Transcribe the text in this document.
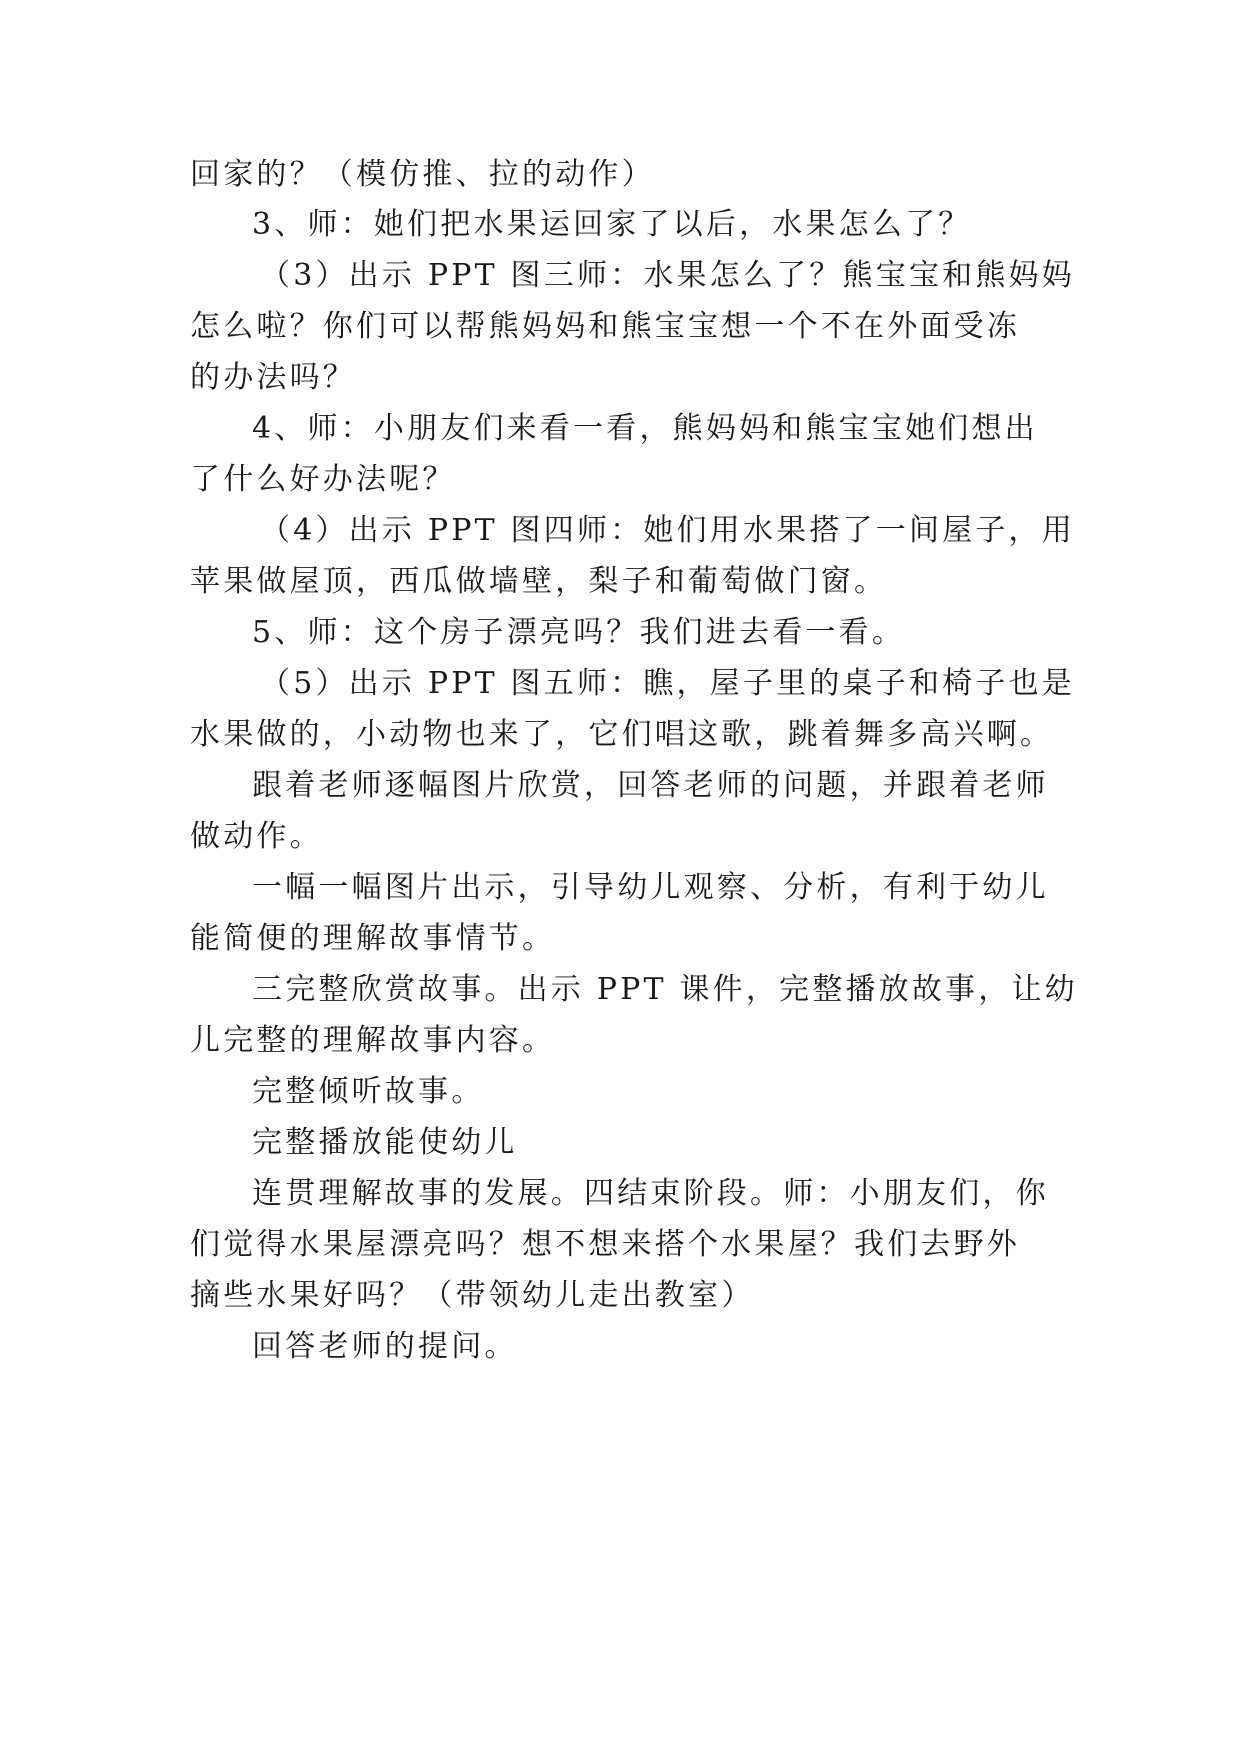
回家的？（模仿推、拉的动作）
3、师：她们把水果运回家了以后，水果怎么了？
（3）出示 PPT 图三师：水果怎么了？熊宝宝和熊妈妈
怎么啦？你们可以帮熊妈妈和熊宝宝想一个不在外面受冻
的办法吗？
4、师：小朋友们来看一看，熊妈妈和熊宝宝她们想出
了什么好办法呢？
（4）出示 PPT 图四师：她们用水果搭了一间屋子，用
苹果做屋顶，西瓜做墙壁，梨子和葡萄做门窗。
5、师：这个房子漂亮吗？我们进去看一看。
（5）出示 PPT 图五师：瞧，屋子里的桌子和椅子也是
水果做的，小动物也来了，它们唱这歌，跳着舞多高兴啊。
跟着老师逐幅图片欣赏，回答老师的问题，并跟着老师
做动作。
一幅一幅图片出示，引导幼儿观察、分析，有利于幼儿
能简便的理解故事情节。
三完整欣赏故事。出示 PPT 课件，完整播放故事，让幼
儿完整的理解故事内容。
完整倾听故事。
完整播放能使幼儿
连贯理解故事的发展。四结束阶段。师：小朋友们，你
们觉得水果屋漂亮吗？想不想来搭个水果屋？我们去野外
摘些水果好吗？（带领幼儿走出教室）
回答老师的提问。
